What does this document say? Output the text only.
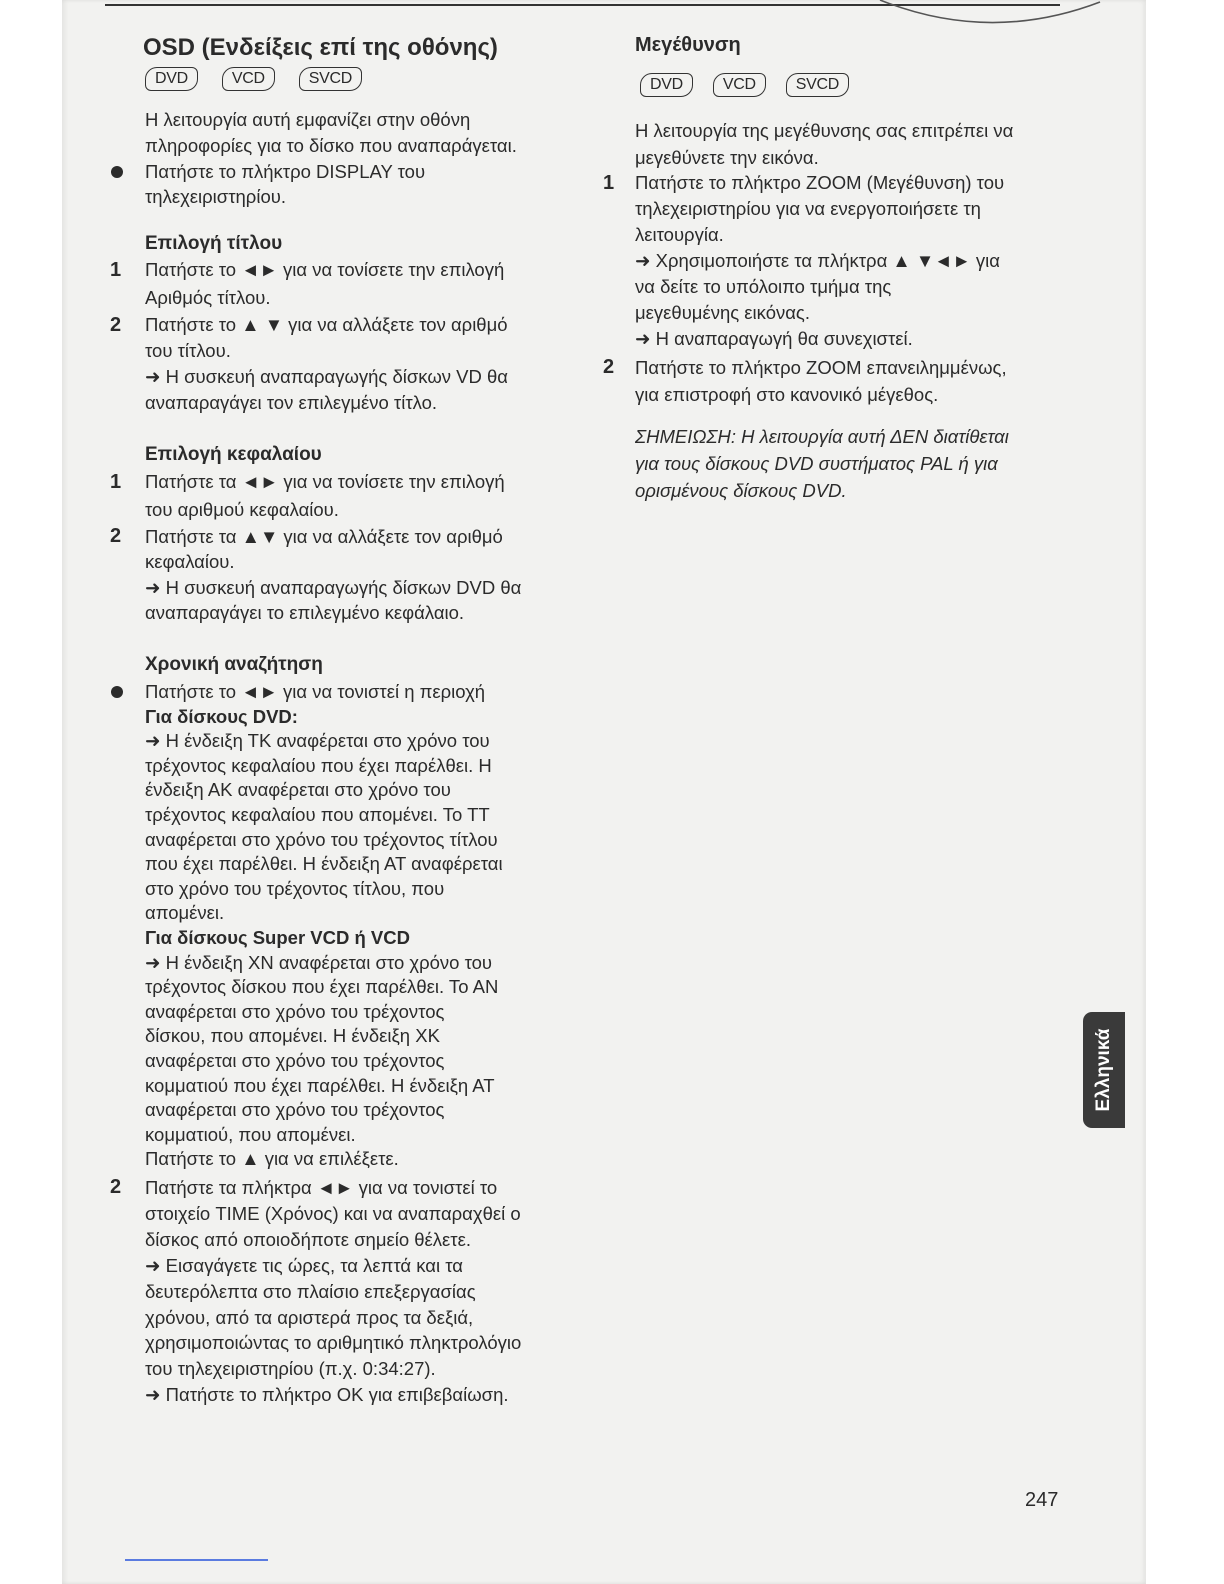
OSD (Ενδείξεις επί της οθόνης)
DVD	VCD	SVCD
Η λειτουργία αυτή εμφανίζει στην οθόνη
πληροφορίες για το δίσκο που αναπαράγεται.
Πατήστε το πλήκτρο DISPLAY του
τηλεχειριστηρίου.
Επιλογή τίτλου
1 Πατήστε το ◄► για να τονίσετε την επιλογή
Αριθμός τίτλου.
2 Πατήστε το ▲ ▼ για να αλλάξετε τον αριθμό
του τίτλου.
➜ Η συσκευή αναπαραγωγής δίσκων VD θα
αναπαραγάγει τον επιλεγμένο τίτλο.
Επιλογή κεφαλαίου
1 Πατήστε τα ◄► για να τονίσετε την επιλογή
του αριθμού κεφαλαίου.
2 Πατήστε τα ▲▼ για να αλλάξετε τον αριθμό
κεφαλαίου.
➜ Η συσκευή αναπαραγωγής δίσκων DVD θα
αναπαραγάγει το επιλεγμένο κεφάλαιο.
Χρονική αναζήτηση
Πατήστε το ◄► για να τονιστεί η περιοχή
Για δίσκους DVD:
➜ Η ένδειξη ΤΚ αναφέρεται στο χρόνο του
τρέχοντος κεφαλαίου που έχει παρέλθει. Η
ένδειξη ΑΚ αναφέρεται στο χρόνο του
τρέχοντος κεφαλαίου που απομένει. Το ΤΤ
αναφέρεται στο χρόνο του τρέχοντος τίτλου
που έχει παρέλθει. Η ένδειξη ΑΤ αναφέρεται
στο χρόνο του τρέχοντος τίτλου, που
απομένει.
Για δίσκους Super VCD ή VCD
➜ Η ένδειξη ΧΝ αναφέρεται στο χρόνο του
τρέχοντος δίσκου που έχει παρέλθει. Το ΑΝ
αναφέρεται στο χρόνο του τρέχοντος
δίσκου, που απομένει. Η ένδειξη ΧΚ
αναφέρεται στο χρόνο του τρέχοντος
κομματιού που έχει παρέλθει. Η ένδειξη ΑΤ
αναφέρεται στο χρόνο του τρέχοντος
κομματιού, που απομένει.
Πατήστε το ▲ για να επιλέξετε.
2 Πατήστε τα πλήκτρα ◄► για να τονιστεί το
στοιχείο TIME (Χρόνος) και να αναπαραχθεί ο
δίσκος από οποιοδήποτε σημείο θέλετε.
➜ Εισαγάγετε τις ώρες, τα λεπτά και τα
δευτερόλεπτα στο πλαίσιο επεξεργασίας
χρόνου, από τα αριστερά προς τα δεξιά,
χρησιμοποιώντας το αριθμητικό πληκτρολόγιο
του τηλεχειριστηρίου (π.χ. 0:34:27).
➜ Πατήστε το πλήκτρο OK για επιβεβαίωση.
Μεγέθυνση
DVD	VCD	SVCD
Η λειτουργία της μεγέθυνσης σας επιτρέπει να
μεγεθύνετε την εικόνα.
1 Πατήστε το πλήκτρο ZOOM (Μεγέθυνση) του
τηλεχειριστηρίου για να ενεργοποιήσετε τη
λειτουργία.
➜ Χρησιμοποιήστε τα πλήκτρα ▲ ▼◄► για
να δείτε το υπόλοιπο τμήμα της
μεγεθυμένης εικόνας.
➜ Η αναπαραγωγή θα συνεχιστεί.
2 Πατήστε το πλήκτρο ZOOM επανειλημμένως,
για επιστροφή στο κανονικό μέγεθος.
ΣΗΜΕΙΩΣΗ: Η λειτουργία αυτή ΔΕΝ διατίθεται
για τους δίσκους DVD συστήματος PAL ή για
ορισμένους δίσκους DVD.
Ελληνικά
247
